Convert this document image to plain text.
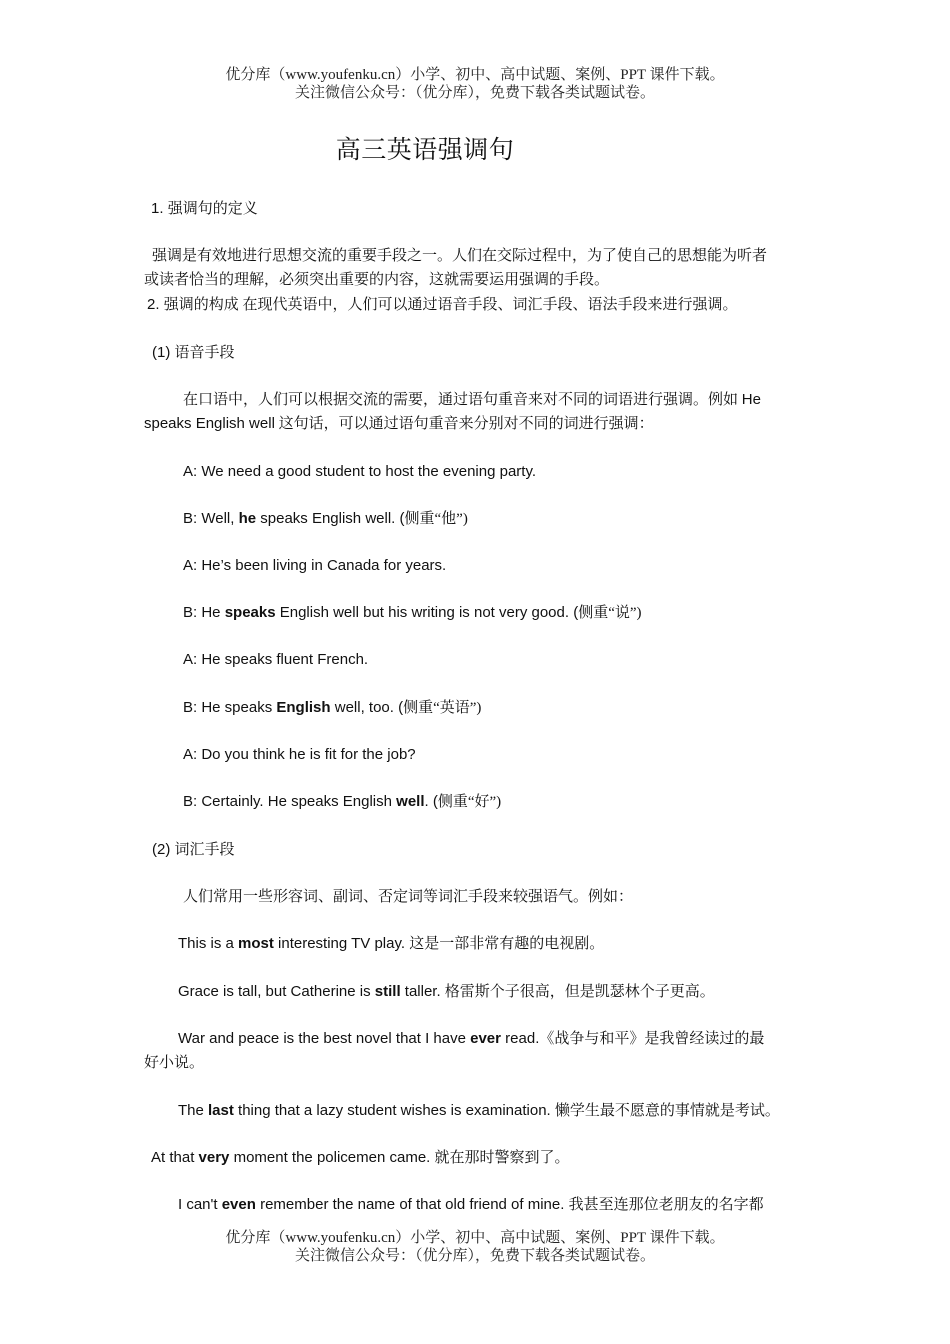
优分库（www.youfenku.cn）小学、初中、高中试题、案例、PPT 课件下载。
关注微信公众号：（优分库），免费下载各类试题试卷。
高三英语强调句
1. 强调句的定义
强调是有效地进行思想交流的重要手段之一。人们在交际过程中，为了使自己的思想能为听者
或读者恰当的理解，必须突出重要的内容，这就需要运用强调的手段。
2. 强调的构成 在现代英语中，人们可以通过语音手段、词汇手段、语法手段来进行强调。
(1) 语音手段
在口语中，人们可以根据交流的需要，通过语句重音来对不同的词语进行强调。例如 He
speaks English well 这句话，可以通过语句重音来分别对不同的词进行强调：
A: We need a good student to host the evening party.
B: Well, he speaks English well. (侧重“他”)
A: He’s been living in Canada for years.
B: He speaks English well but his writing is not very good. (侧重“说”)
A: He speaks fluent French.
B: He speaks English well, too. (侧重“英语”)
A: Do you think he is fit for the job?
B: Certainly. He speaks English well. (侧重“好”)
(2) 词汇手段
人们常用一些形容词、副词、否定词等词汇手段来较强语气。例如：
This is a most interesting TV play. 这是一部非常有趣的电视剧。
Grace is tall, but Catherine is still taller. 格雷斯个子很高，但是凯瑟林个子更高。
War and peace is the best novel that I have ever read.《战争与和平》是我曾经读过的最
好小说。
The last thing that a lazy student wishes is examination. 懒学生最不愿意的事情就是考试。
At that very moment the policemen came. 就在那时警察到了。
I can't even remember the name of that old friend of mine. 我甚至连那位老朋友的名字都
优分库（www.youfenku.cn）小学、初中、高中试题、案例、PPT 课件下载。
关注微信公众号：（优分库），免费下载各类试题试卷。
